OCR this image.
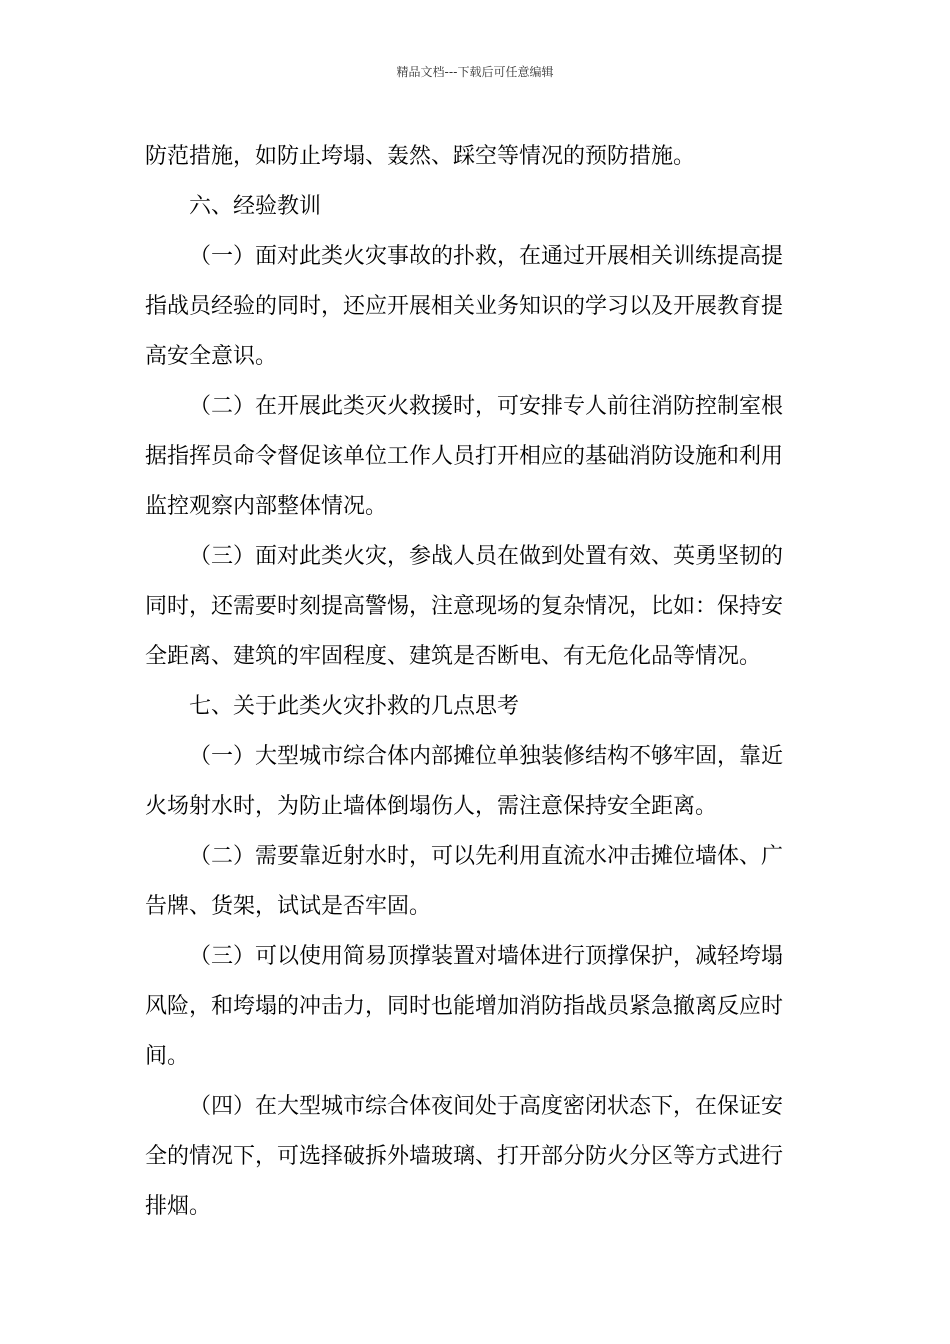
精品文档---下载后可任意编辑

防范措施，如防止垮塌、轰然、踩空等情况的预防措施。

六、经验教训

（一）面对此类火灾事故的扑救，在通过开展相关训练提高提
指战员经验的同时，还应开展相关业务知识的学习以及开展教育提
高安全意识。

（二）在开展此类灭火救援时，可安排专人前往消防控制室根
据指挥员命令督促该单位工作人员打开相应的基础消防设施和利用
监控观察内部整体情况。

（三）面对此类火灾，参战人员在做到处置有效、英勇坚韧的
同时，还需要时刻提高警惕，注意现场的复杂情况，比如：保持安
全距离、建筑的牢固程度、建筑是否断电、有无危化品等情况。

七、关于此类火灾扑救的几点思考

（一）大型城市综合体内部摊位单独装修结构不够牢固，靠近
火场射水时，为防止墙体倒塌伤人，需注意保持安全距离。

（二）需要靠近射水时，可以先利用直流水冲击摊位墙体、广
告牌、货架，试试是否牢固。

（三）可以使用简易顶撑装置对墙体进行顶撑保护，减轻垮塌
风险，和垮塌的冲击力，同时也能增加消防指战员紧急撤离反应时
间。

（四）在大型城市综合体夜间处于高度密闭状态下，在保证安
全的情况下，可选择破拆外墙玻璃、打开部分防火分区等方式进行
排烟。
